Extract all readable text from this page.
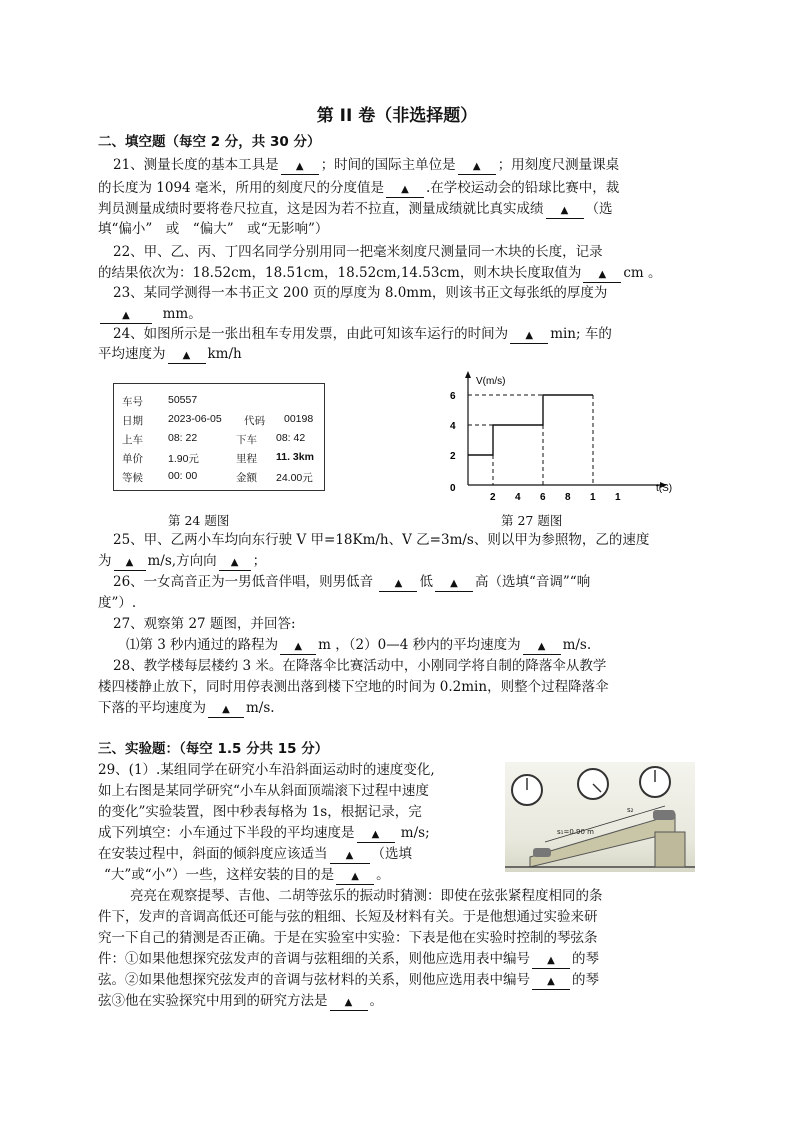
第 II 卷（非选择题）
二、填空题（每空 2 分，共 30 分）
21、测量长度的基本工具是 ▲ ；时间的国际主单位是 ▲ ；用刻度尺测量课桌
的长度为 1094 毫米，所用的刻度尺的分度值是 ▲ .在学校运动会的铅球比赛中，裁
判员测量成绩时要将卷尺拉直，这是因为若不拉直，测量成绩就比真实成绩 ▲ （选
填“偏小”　或　“偏大”　或“无影响”）
22、甲、乙、丙、丁四名同学分别用同一把毫米刻度尺测量同一木块的长度，记录
的结果依次为：18.52cm，18.51cm，18.52cm,14.53cm，则木块长度取值为 ▲ cm 。
23、某同学测得一本书正文 200 页的厚度为 8.0mm，则该书正文每张纸的厚度为
▲ mm。
24、如图所示是一张出租车专用发票，由此可知该车运行的时间为 ▲ min; 车的
平均速度为 ▲ km/h
车号 50557
日期 2023-06-05 代码 00198
上车 08: 22	下车 08: 42
单价 1.90元	里程 11. 3km
等候 00: 00	金额 24.00元
V(m/s)
t(S)
0
2 4 6 8 1 1
2
4
6
第 24 题图	第 27 题图
25、甲、乙两小车均向东行驶 V 甲=18Km/h、V 乙=3m/s、则以甲为参照物，乙的速度
为 ▲ m/s,方向向 ▲ ；
26、一女高音正为一男低音伴唱，则男低音 ▲ 低 ▲ 高（选填“音调”“响
度”）.
27、观察第 27 题图，并回答:
⑴第 3 秒内通过的路程为 ▲ m ，（2）0—4 秒内的平均速度为 ▲ m/s.
28、教学楼每层楼约 3 米。在降落伞比赛活动中，小刚同学将自制的降落伞从教学
楼四楼静止放下，同时用停表测出落到楼下空地的时间为 0.2min，则整个过程降落伞
下落的平均速度为 ▲ m/s.
三、实验题：（每空 1.5 分共 15 分）
29、(1）.某组同学在研究小车沿斜面运动时的速度变化,
如上右图是某同学研究“小车从斜面顶端滚下过程中速度
的变化”实验装置，图中秒表每格为 1s，根据记录，完
成下列填空：小车通过下半段的平均速度是 ▲ m/s;
在安装过程中，斜面的倾斜度应该适当 ▲ （选填
“大”或“小”）一些，这样安装的目的是 ▲ 。
s₁=0.90 m
s₂
亮亮在观察提琴、吉他、二胡等弦乐的振动时猜测：即使在弦张紧程度相同的条
件下，发声的音调高低还可能与弦的粗细、长短及材料有关。于是他想通过实验来研
究一下自己的猜测是否正确。于是在实验室中实验：下表是他在实验时控制的琴弦条
件：①如果他想探究弦发声的音调与弦粗细的关系，则他应选用表中编号 ▲ 的琴
弦。②如果他想探究弦发声的音调与弦材料的关系，则他应选用表中编号 ▲ 的琴
弦③他在实验探究中用到的研究方法是 ▲ 。
